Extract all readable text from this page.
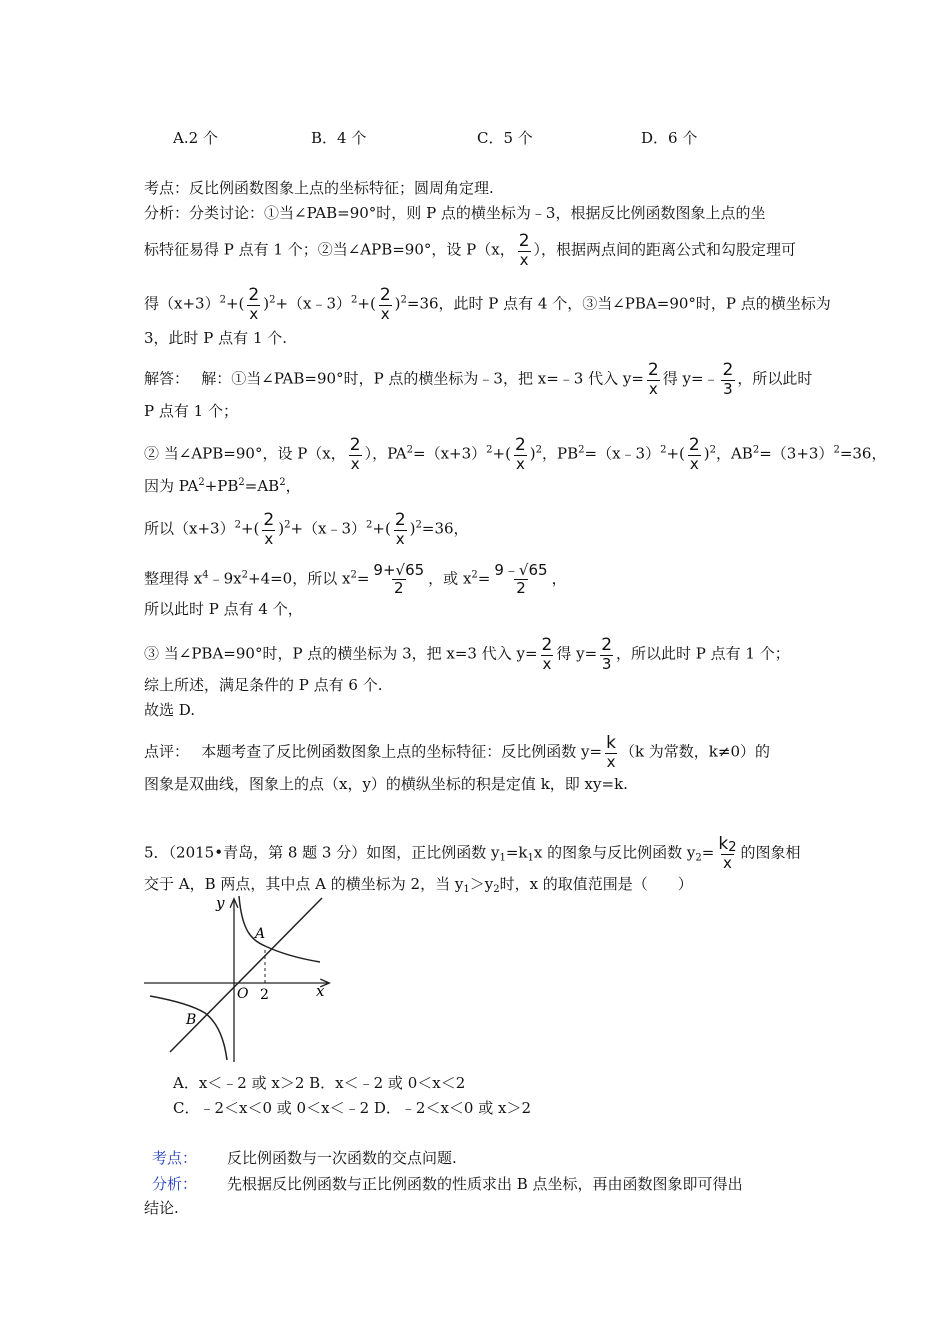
A.2 个	B．4 个	C．5 个	D．6 个
考点：反比例函数图象上点的坐标特征；圆周角定理.
分析：分类讨论：①当∠PAB=90°时，则 P 点的横坐标为﹣3，根据反比例函数图象上点的坐
标特征易得 P 点有 1 个；②当∠APB=90°，设 P（x， $\frac{2}{x}$ ），根据两点间的距离公式和勾股定理可
得$(x+3)^2+( \frac{2}{x}$ )$^2+(x﹣3)^2+( \frac{2}{x} )^2=36$，此时 P 点有 4 个，③当∠PBA=90°时，P 点的横坐标为
3，此时 P 点有 1 个.
解答：　 解：①当∠PAB=90°时，P 点的横坐标为﹣3，把 x=﹣3 代入 $y= \frac{2}{x}$ 得 y=﹣ $\frac{2}{3}$ ，所以此时
P 点有 1 个；
② 当∠APB=90°，设 P（x， $\frac{2}{x}$ ），$PA^2=(x+3)^2+( \frac{2}{x} )^2$，$PB^2=(x﹣3)^2+( \frac{2}{x} )^2$，$AB^2=(3+3)^2=36$，
因为 $PA^2+PB^2=AB^2$，
所以$(x+3)^2+( \frac{2}{x}$ )$^2+(x﹣3)^2+( \frac{2}{x} )^2=36$，
整理得 $x^4﹣9x^2+4=0$，所以 $x^2= \frac{9+√65}{2}$ ，或 $x^2= \frac{9﹣√65}{2}$ ，
所以此时 P 点有 4 个，
③ 当∠PBA=90°时，P 点的横坐标为 3，把 x=3 代入 $y= \frac{2}{x}$ 得 $y= \frac{2}{3}$ ，所以此时 P 点有 1 个；
综上所述，满足条件的 P 点有 6 个.
故选 D.
点评：　 本题考查了反比例函数图象上点的坐标特征：反比例函数 $y= \frac{k}{x} (k$ 为常数，k≠0）的
图象是双曲线，图象上的点（x，y）的横纵坐标的积是定值 k，即 xy=k.
5．（2015•青岛，第 8 题 3 分）如图，正比例函数 $y_1=k_1x$ 的图象与反比例函数 $y_2= \frac{k_2}{x}$ 的图象相
交于 A，B 两点，其中点 A 的横坐标为 2，当 $y_1>y_2$时，x 的取值范围是（　　）
y
x
O 2
A
B
A．x＜﹣2 或 x＞2 B．x＜﹣2 或 0＜x＜2
C．﹣2＜x＜0 或 0＜x＜﹣2 D．﹣2＜x＜0 或 x＞2
考点： 反比例函数与一次函数的交点问题.
分析： 先根据反比例函数与正比例函数的性质求出 B 点坐标，再由函数图象即可得出
结论.
